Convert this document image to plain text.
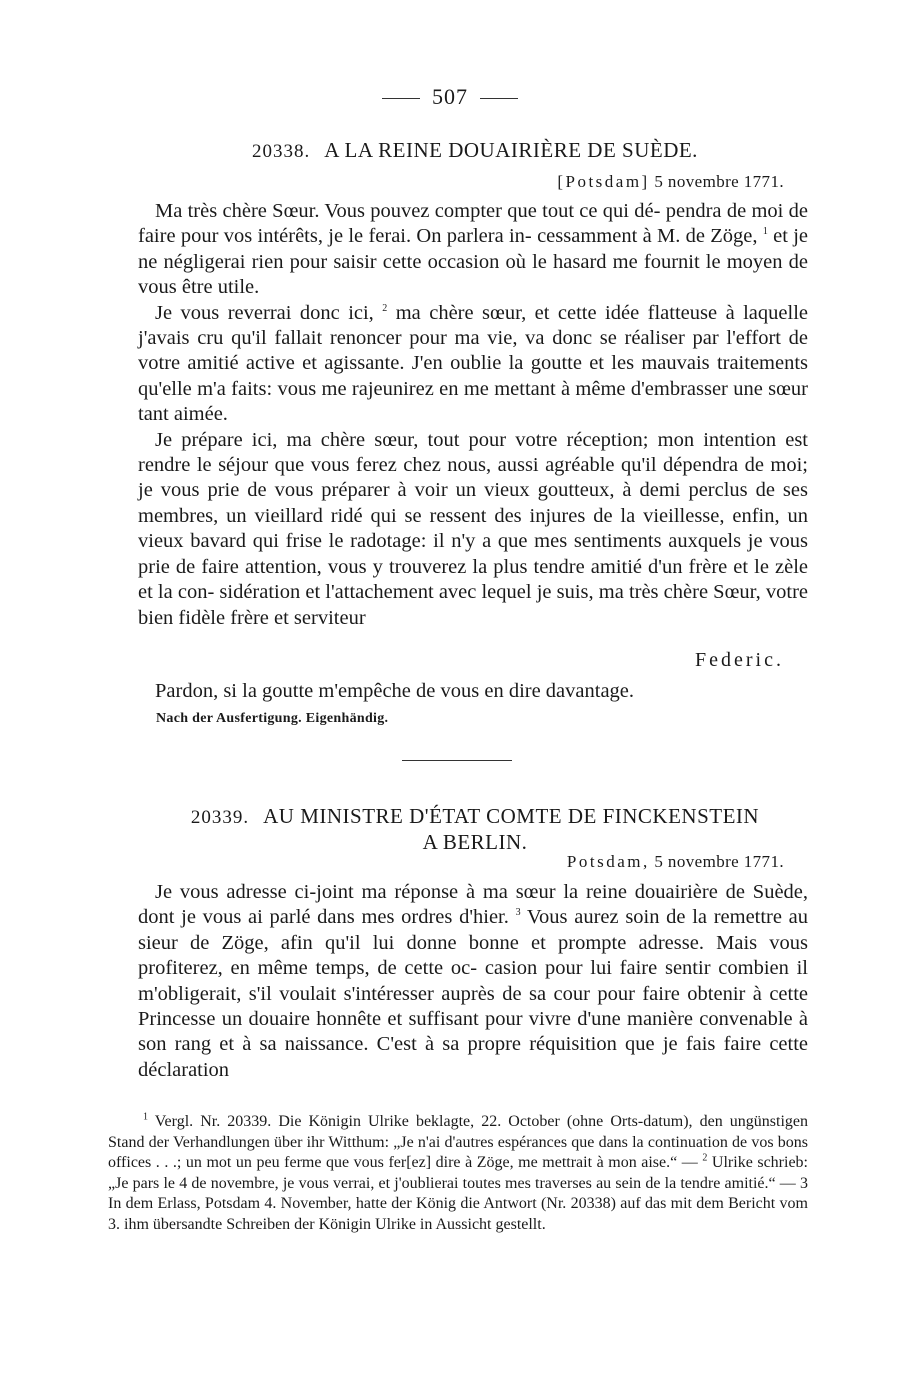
507
20338. A LA REINE DOUAIRIÈRE DE SUÈDE.
[Potsdam] 5 novembre 1771.

Ma très chère Sœur. Vous pouvez compter que tout ce qui dé- pendra de moi de faire pour vos intérêts, je le ferai. On parlera in- cessamment à M. de Zöge, $^1$ et je ne négligerai rien pour saisir cette occasion où le hasard me fournit le moyen de vous être utile.

Je vous reverrai donc ici, $^2$ ma chère sœur, et cette idée flatteuse à laquelle j'avais cru qu'il fallait renoncer pour ma vie, va donc se réaliser par l'effort de votre amitié active et agissante. J'en oublie la goutte et les mauvais traitements qu'elle m'a faits: vous me rajeunirez en me mettant à même d'embrasser une sœur tant aimée.

Je prépare ici, ma chère sœur, tout pour votre réception; mon intention est rendre le séjour que vous ferez chez nous, aussi agréable qu'il dépendra de moi; je vous prie de vous préparer à voir un vieux goutteux, à demi perclus de ses membres, un vieillard ridé qui se ressent des injures de la vieillesse, enfin, un vieux bavard qui frise le radotage: il n'y a que mes sentiments auxquels je vous prie de faire attention, vous y trouverez la plus tendre amitié d'un frère et le zèle et la con- sidération et l'attachement avec lequel je suis, ma très chère Sœur, votre bien fidèle frère et serviteur

Federic.

Pardon, si la goutte m'empêche de vous en dire davantage.

Nach der Ausfertigung. Eigenhändig.
20339. AU MINISTRE D'ÉTAT COMTE DE FINCKENSTEIN
A BERLIN.
Potsdam, 5 novembre 1771.

Je vous adresse ci-joint ma réponse à ma sœur la reine douairière de Suède, dont je vous ai parlé dans mes ordres d'hier. $^3$ Vous aurez soin de la remettre au sieur de Zöge, afin qu'il lui donne bonne et prompte adresse. Mais vous profiterez, en même temps, de cette oc- casion pour lui faire sentir combien il m'obligerait, s'il voulait s'intéresser auprès de sa cour pour faire obtenir à cette Princesse un douaire honnête et suffisant pour vivre d'une manière convenable à son rang et à sa naissance. C'est à sa propre réquisition que je fais faire cette déclaration

$^1$ Vergl. Nr. 20339. Die Königin Ulrike beklagte, 22. October (ohne Orts-datum), den ungünstigen Stand der Verhandlungen über ihr Witthum: „Je n'ai d'autres espérances que dans la continuation de vos bons offices . . .; un mot un peu ferme que vous fer[ez] dire à Zöge, me mettrait à mon aise.“ — $^2$ Ulrike schrieb: „Je pars le 4 de novembre, je vous verrai, et j'oublierai toutes mes traverses au sein de la tendre amitié.“ — 3 In dem Erlass, Potsdam 4. November, hatte der König die Antwort (Nr. 20338) auf das mit dem Bericht vom 3. ihm übersandte Schreiben der Königin Ulrike in Aussicht gestellt.
